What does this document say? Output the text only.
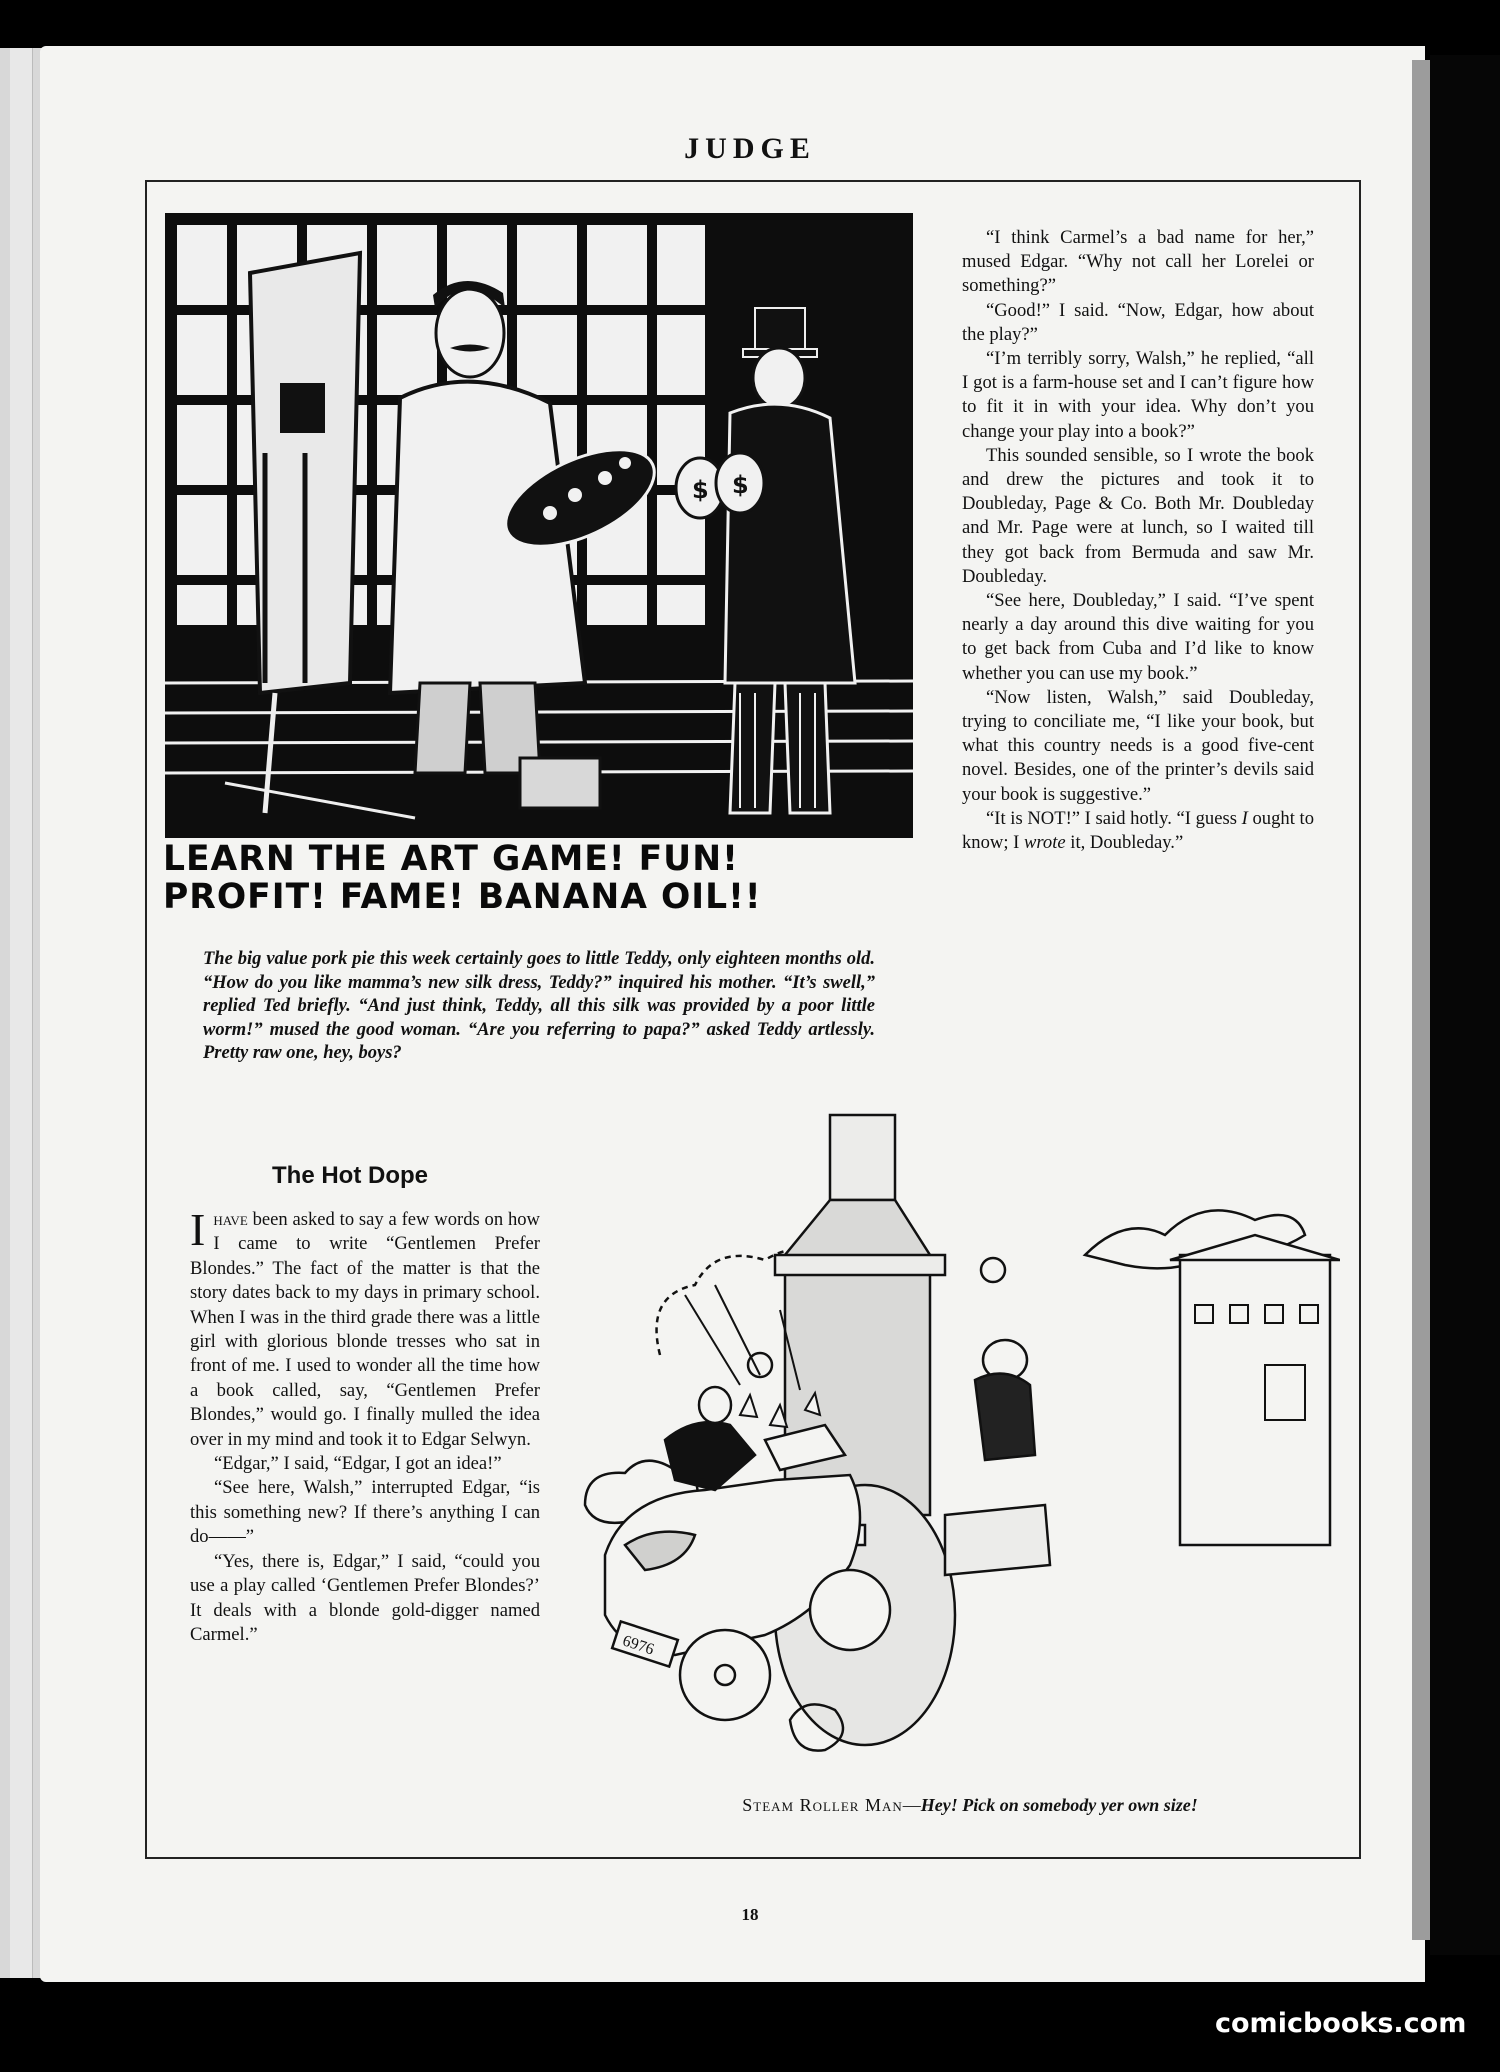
JUDGE
$ $
LEARN THE ART GAME! FUN!
PROFIT! FAME! BANANA OIL!!
The big value pork pie this week certainly goes to little Teddy, only eighteen months old. “How do you like mamma’s new silk dress, Teddy?” inquired his mother. “It’s swell,” replied Ted briefly. “And just think, Teddy, all this silk was provided by a poor little worm!” mused the good woman. “Are you referring to papa?” asked Teddy artlessly. Pretty raw one, hey, boys?

“I think Carmel’s a bad name for her,” mused Edgar. “Why not call her Lorelei or something?”

“Good!” I said. “Now, Edgar, how about the play?”

“I’m terribly sorry, Walsh,” he replied, “all I got is a farm-house set and I can’t figure how to fit it in with your idea. Why don’t you change your play into a book?”

This sounded sensible, so I wrote the book and drew the pictures and took it to Doubleday, Page & Co. Both Mr. Doubleday and Mr. Page were at lunch, so I waited till they got back from Bermuda and saw Mr. Doubleday.

“See here, Doubleday,” I said. “I’ve spent nearly a day around this dive waiting for you to get back from Cuba and I’d like to know whether you can use my book.”

“Now listen, Walsh,” said Doubleday, trying to conciliate me, “I like your book, but what this country needs is a good five-cent novel. Besides, one of the printer’s devils said your book is suggestive.”

“It is NOT!” I said hotly. “I guess I ought to know; I wrote it, Doubleday.”

The Hot Dope

Ihave been asked to say a few words on how I came to write “Gentlemen Prefer Blondes.” The fact of the matter is that the story dates back to my days in primary school. When I was in the third grade there was a little girl with glorious blonde tresses who sat in front of me. I used to wonder all the time how a book called, say, “Gentlemen Prefer Blondes,” would go. I finally mulled the idea over in my mind and took it to Edgar Selwyn.

“Edgar,” I said, “Edgar, I got an idea!”

“See here, Walsh,” interrupted Edgar, “is this something new? If there’s anything I can do——”

“Yes, there is, Edgar,” I said, “could you use a play called ‘Gentlemen Prefer Blondes?’ It deals with a blonde gold-digger named Carmel.”	6976
Steam Roller Man—Hey! Pick on somebody yer own size!
18
comicbooks.com
